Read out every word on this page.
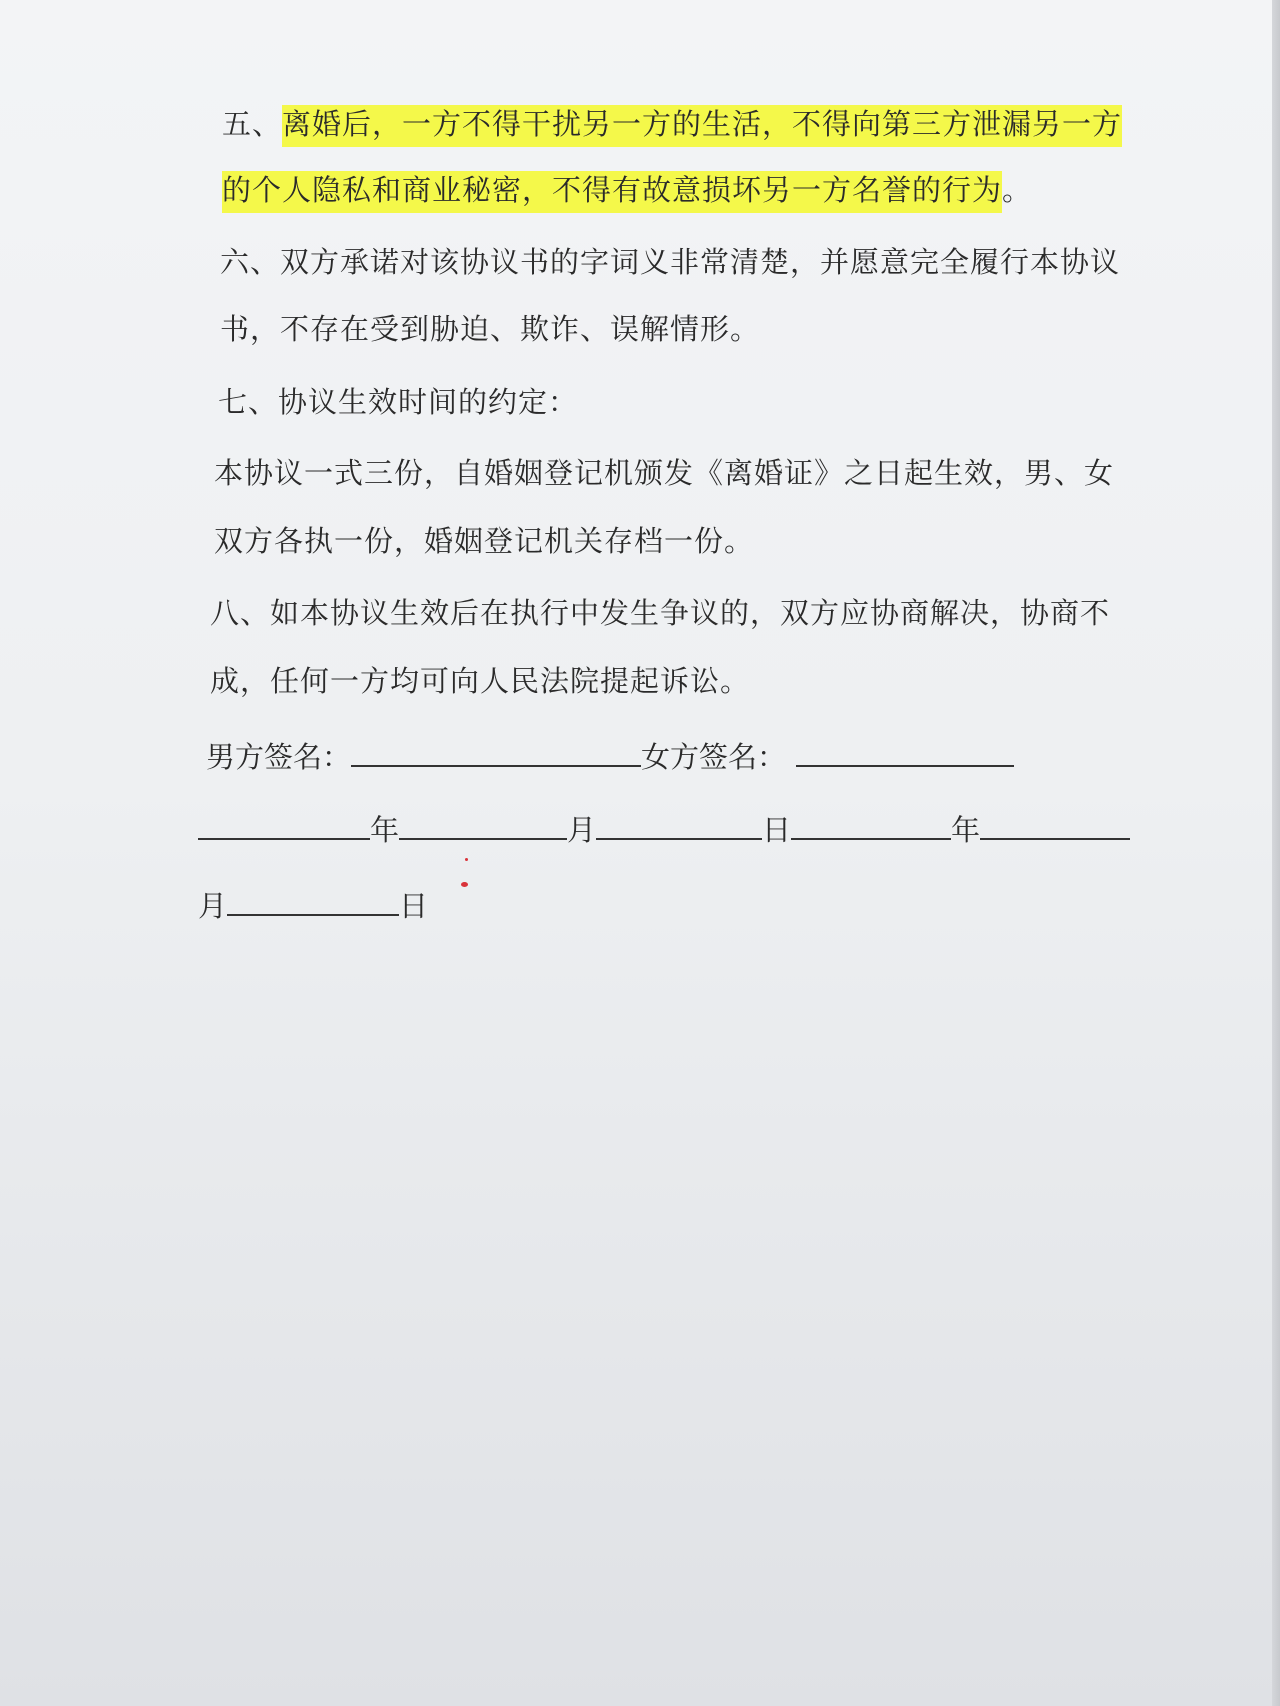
五、离婚后，一方不得干扰另一方的生活，不得向第三方泄漏另一方
的个人隐私和商业秘密，不得有故意损坏另一方名誉的行为。
六、双方承诺对该协议书的字词义非常清楚，并愿意完全履行本协议
书，不存在受到胁迫、欺诈、误解情形。
七、协议生效时间的约定：
本协议一式三份，自婚姻登记机颁发《离婚证》之日起生效，男、女
双方各执一份，婚姻登记机关存档一份。
八、如本协议生效后在执行中发生争议的，双方应协商解决，协商不
成，任何一方均可向人民法院提起诉讼。
男方签名：	女方签名：
年	月	日	年
月	日
